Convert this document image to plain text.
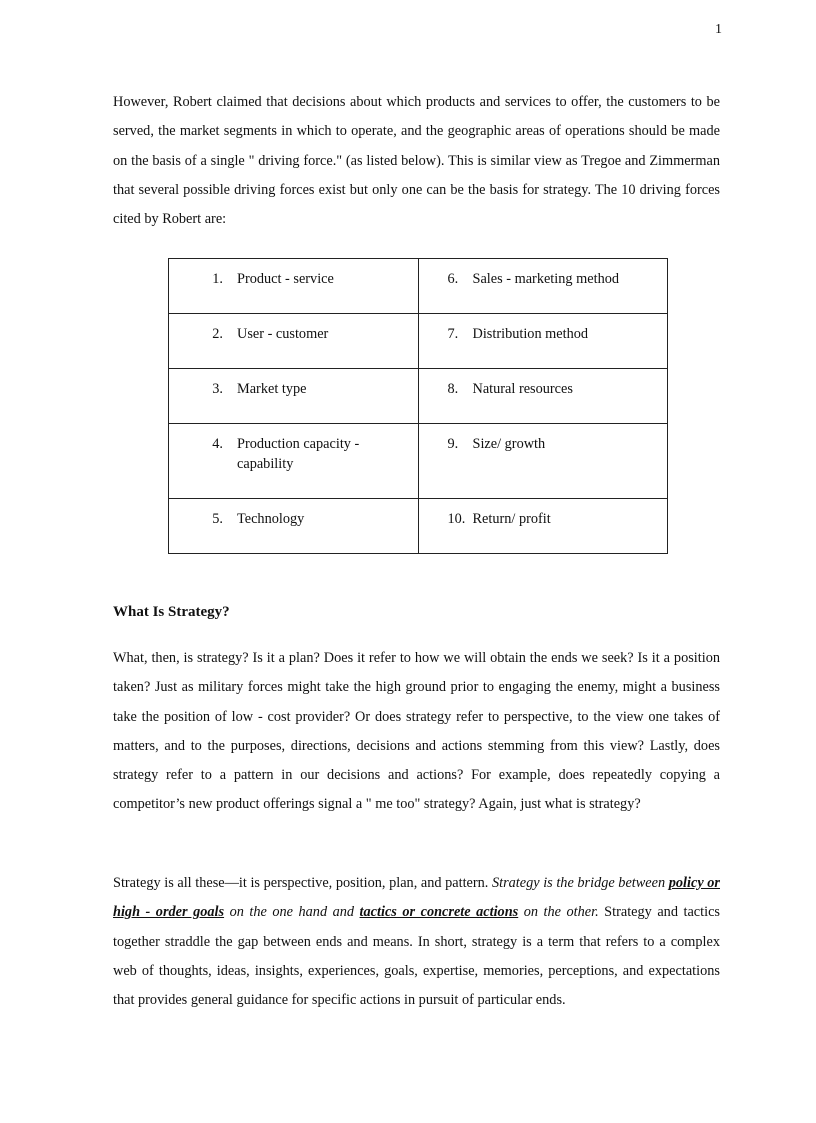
1

However, Robert claimed that decisions about which products and services to offer, the customers to be served, the market segments in which to operate, and the geographic areas of operations should be made on the basis of a single " driving force." (as listed below). This is similar view as Tregoe and Zimmerman that several possible driving forces exist but only one can be the basis for strategy. The 10 driving forces cited by Robert are:

1. Product - service	6. Sales - marketing method

2. User - customer	7. Distribution method

3. Market type	8. Natural resources

4. Production capacity - capability	9. Size/ growth

5. Technology	10. Return/ profit
What Is Strategy?

What, then, is strategy? Is it a plan? Does it refer to how we will obtain the ends we seek? Is it a position taken? Just as military forces might take the high ground prior to engaging the enemy, might a business take the position of low - cost provider? Or does strategy refer to perspective, to the view one takes of matters, and to the purposes, directions, decisions and actions stemming from this view? Lastly, does strategy refer to a pattern in our decisions and actions? For example, does repeatedly copying a competitor’s new product offerings signal a " me too" strategy? Again, just what is strategy?

Strategy is all these—it is perspective, position, plan, and pattern. Strategy is the bridge between policy or high - order goals on the one hand and tactics or concrete actions on the other. Strategy and tactics together straddle the gap between ends and means. In short, strategy is a term that refers to a complex web of thoughts, ideas, insights, experiences, goals, expertise, memories, perceptions, and expectations that provides general guidance for specific actions in pursuit of particular ends.
